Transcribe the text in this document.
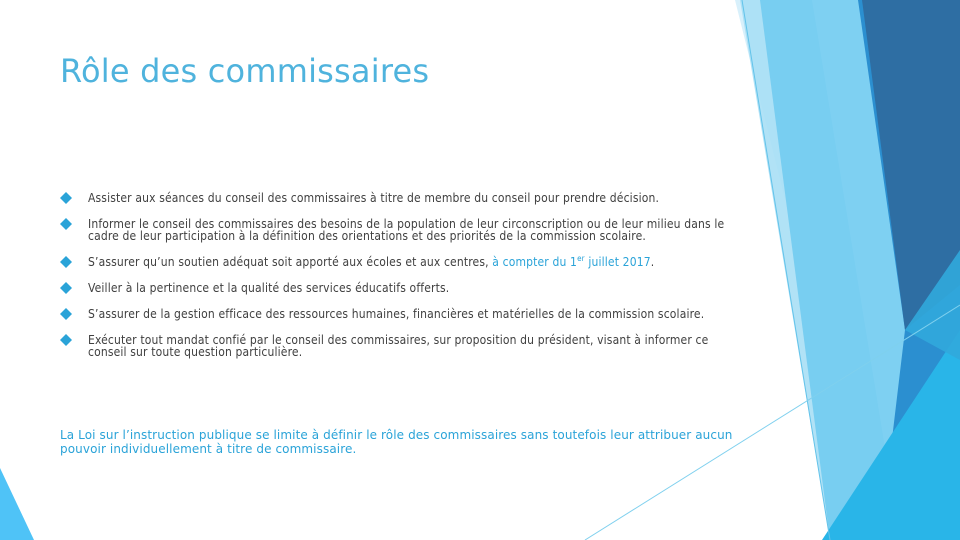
Rôle des commissaires
Assister aux séances du conseil des commissaires à titre de membre du conseil pour prendre décision.
Informer le conseil des commissaires des besoins de la population de leur circonscription ou de leur milieu dans le cadre de leur participation à la définition des orientations et des priorités de la commission scolaire.
S’assurer qu’un soutien adéquat soit apporté aux écoles et aux centres, à compter du 1er juillet 2017.
Veiller à la pertinence et la qualité des services éducatifs offerts.
S’assurer de la gestion efficace des ressources humaines, financières et matérielles de la commission scolaire.
Exécuter tout mandat confié par le conseil des commissaires, sur proposition du président, visant à informer ce conseil sur toute question particulière.

La Loi sur l’instruction publique se limite à définir le rôle des commissaires sans toutefois leur attribuer aucun pouvoir individuellement à titre de commissaire.
